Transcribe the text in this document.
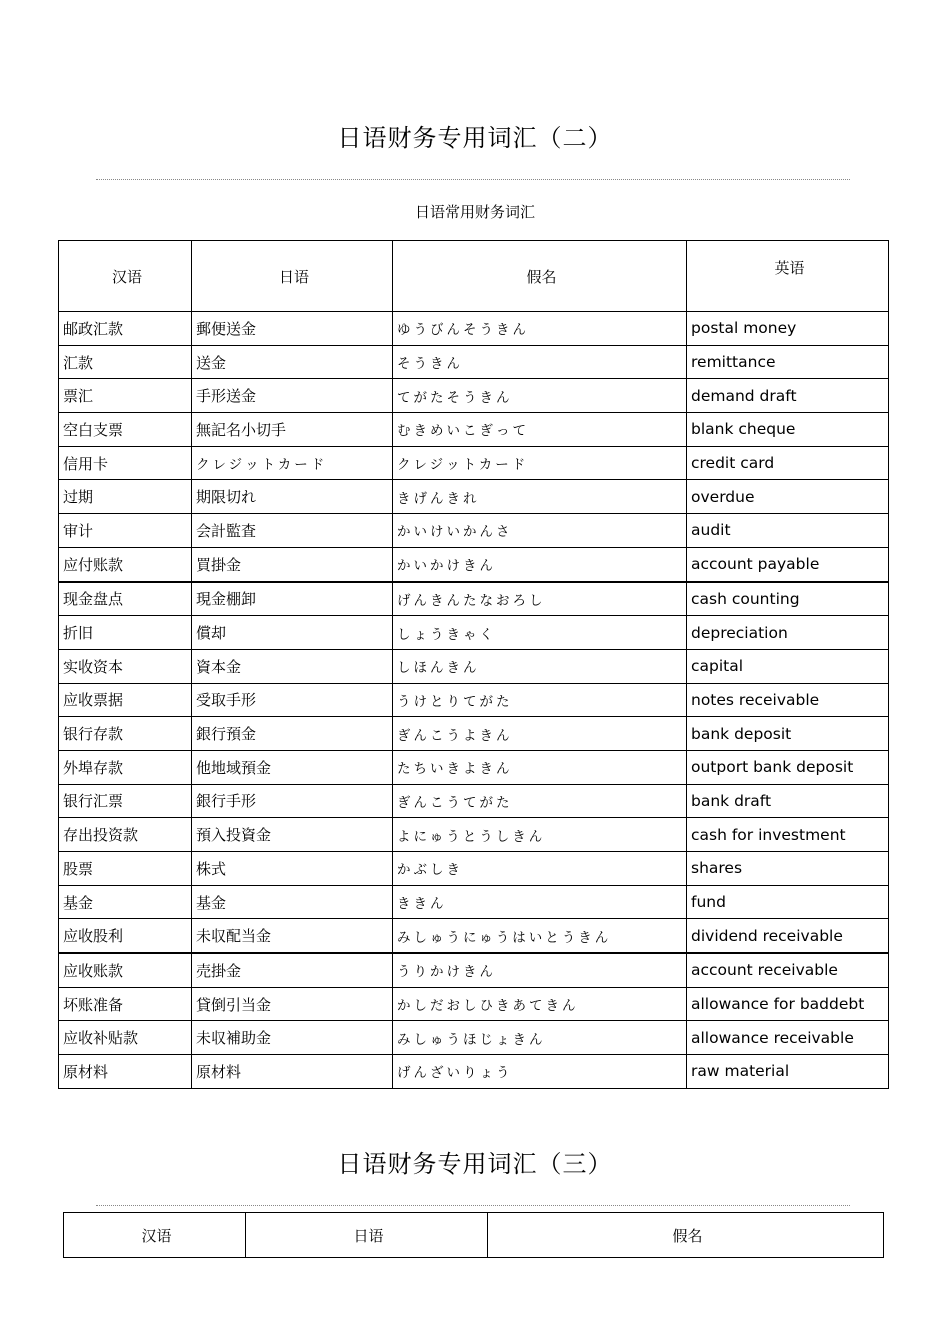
日语财务专用词汇（二）
日语常用财务词汇
汉语	日语	假名	英语
邮政汇款	郵便送金	ゆうびんそうきん	postal money
汇款	送金	そうきん	remittance
票汇	手形送金	てがたそうきん	demand draft
空白支票	無記名小切手	むきめいこぎって	blank cheque
信用卡	クレジットカード	クレジットカード	credit card
过期	期限切れ	きげんきれ	overdue
审计	会計監査	かいけいかんさ	audit
应付账款	買掛金	かいかけきん	account payable
现金盘点	現金棚卸	げんきんたなおろし	cash counting
折旧	償却	しょうきゃく	depreciation
实收资本	資本金	しほんきん	capital
应收票据	受取手形	うけとりてがた	notes receivable
银行存款	銀行預金	ぎんこうよきん	bank deposit
外埠存款	他地域預金	たちいきよきん	outport bank deposit
银行汇票	銀行手形	ぎんこうてがた	bank draft
存出投资款	預入投資金	よにゅうとうしきん	cash for investment
股票	株式	かぶしき	shares
基金	基金	ききん	fund
应收股利	未収配当金	みしゅうにゅうはいとうきん	dividend receivable
应收账款	売掛金	うりかけきん	account receivable
坏账准备	貸倒引当金	かしだおしひきあてきん	allowance for baddebt
应收补贴款	未収補助金	みしゅうほじょきん	allowance receivable
原材料	原材料	げんざいりょう	raw material
日语财务专用词汇（三）
汉语	日语	假名
